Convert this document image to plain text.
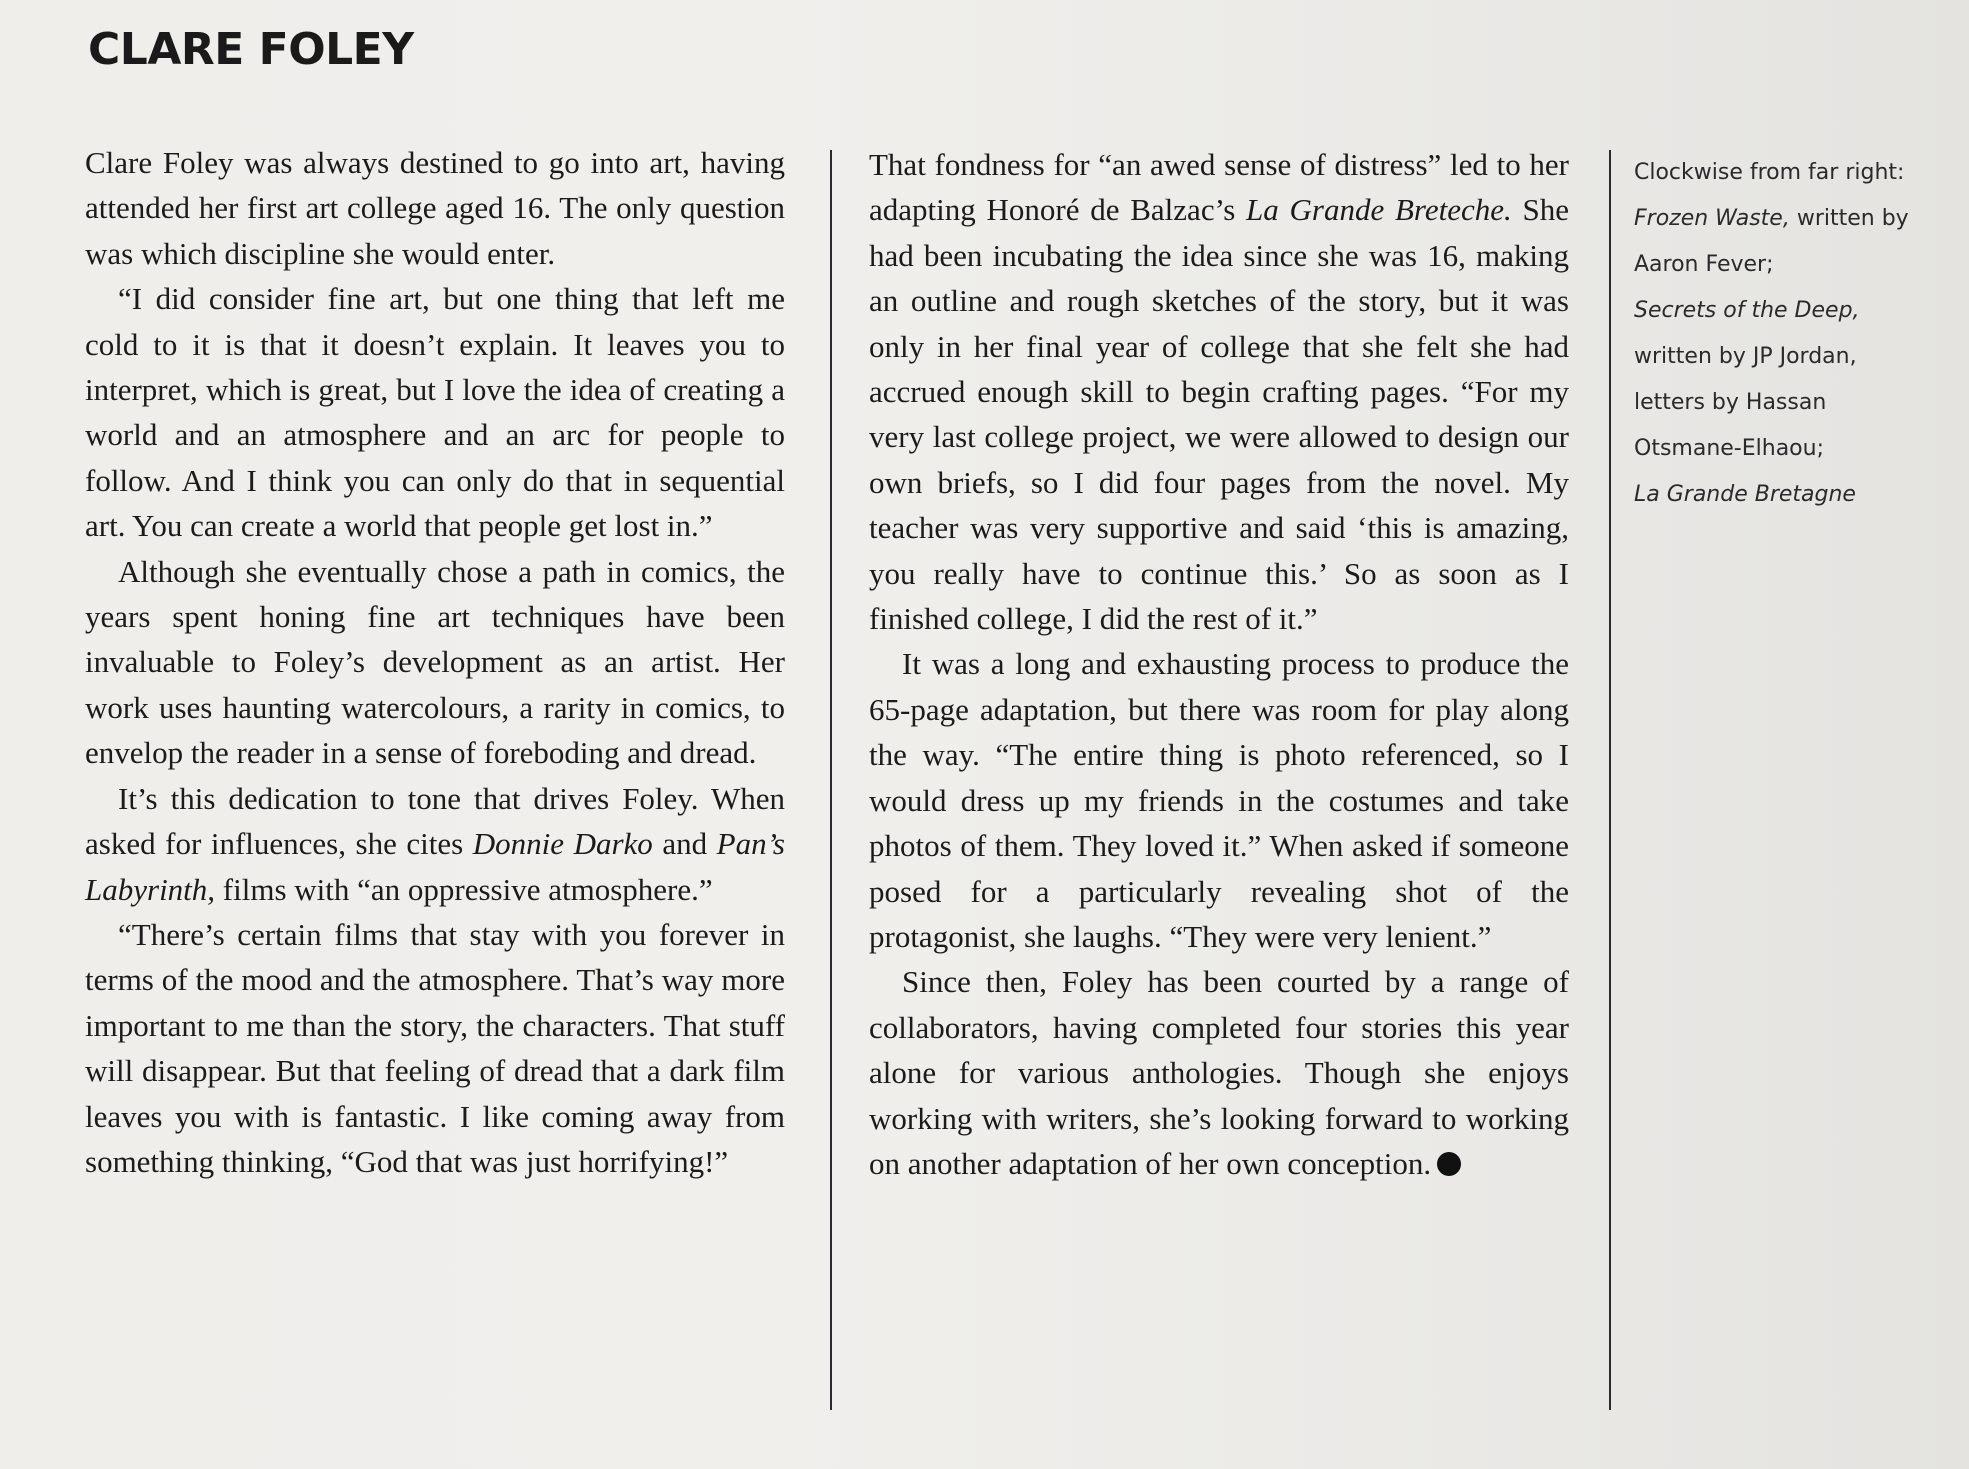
CLARE FOLEY

Clare Foley was always destined to go into art, having attended her first art college aged 16. The only question was which discipline she would enter.

“I did consider fine art, but one thing that left me cold to it is that it doesn’t explain. It leaves you to interpret, which is great, but I love the idea of creating a world and an atmosphere and an arc for people to follow. And I think you can only do that in sequential art. You can create a world that people get lost in.”

Although she eventually chose a path in comics, the years spent honing fine art techniques have been invaluable to Foley’s development as an artist. Her work uses haunting watercolours, a rarity in comics, to envelop the reader in a sense of foreboding and dread.

It’s this dedication to tone that drives Foley. When asked for influences, she cites Donnie Darko and Pan’s Labyrinth, films with “an oppressive atmosphere.”

“There’s certain films that stay with you forever in terms of the mood and the atmosphere. That’s way more important to me than the story, the characters. That stuff will disappear. But that feeling of dread that a dark film leaves you with is fantastic. I like coming away from something thinking, “God that was just horrifying!”

That fondness for “an awed sense of distress” led to her adapting Honoré de Balzac’s La Grande Breteche. She had been incubating the idea since she was 16, making an outline and rough sketches of the story, but it was only in her final year of college that she felt she had accrued enough skill to begin crafting pages. “For my very last college project, we were allowed to design our own briefs, so I did four pages from the novel. My teacher was very supportive and said ‘this is amazing, you really have to continue this.’ So as soon as I finished college, I did the rest of it.”

It was a long and exhausting process to produce the 65-page adaptation, but there was room for play along the way. “The entire thing is photo referenced, so I would dress up my friends in the costumes and take photos of them. They loved it.” When asked if someone posed for a particularly revealing shot of the protagonist, she laughs. “They were very lenient.”

Since then, Foley has been courted by a range of collaborators, having completed four stories this year alone for various anthologies. Though she enjoys working with writers, she’s looking forward to working on another adaptation of her own conception.

Clockwise from far right:
Frozen Waste, written by Aaron Fever;
Secrets of the Deep, written by JP Jordan, letters by Hassan Otsmane-Elhaou;
La Grande Bretagne
